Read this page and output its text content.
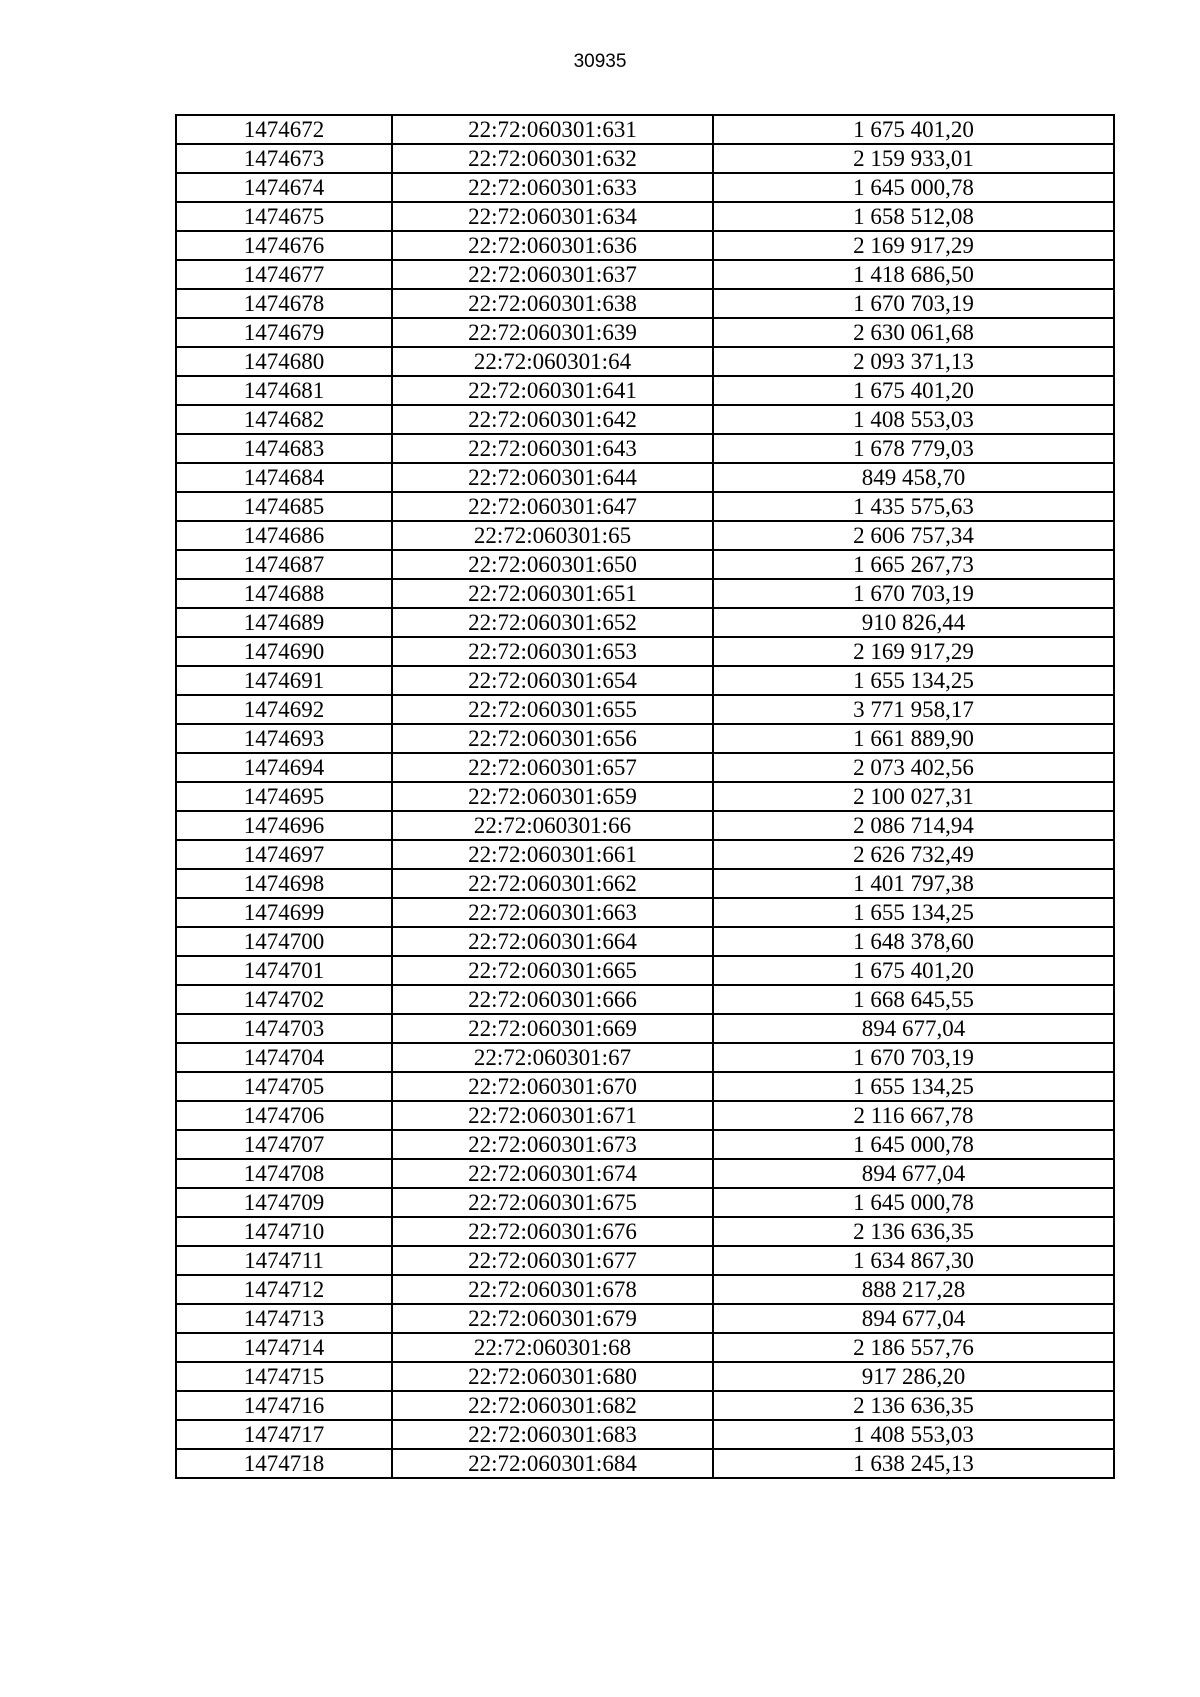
30935
1474672	22:72:060301:631	1 675 401,20
1474673	22:72:060301:632	2 159 933,01
1474674	22:72:060301:633	1 645 000,78
1474675	22:72:060301:634	1 658 512,08
1474676	22:72:060301:636	2 169 917,29
1474677	22:72:060301:637	1 418 686,50
1474678	22:72:060301:638	1 670 703,19
1474679	22:72:060301:639	2 630 061,68
1474680	22:72:060301:64	2 093 371,13
1474681	22:72:060301:641	1 675 401,20
1474682	22:72:060301:642	1 408 553,03
1474683	22:72:060301:643	1 678 779,03
1474684	22:72:060301:644	849 458,70
1474685	22:72:060301:647	1 435 575,63
1474686	22:72:060301:65	2 606 757,34
1474687	22:72:060301:650	1 665 267,73
1474688	22:72:060301:651	1 670 703,19
1474689	22:72:060301:652	910 826,44
1474690	22:72:060301:653	2 169 917,29
1474691	22:72:060301:654	1 655 134,25
1474692	22:72:060301:655	3 771 958,17
1474693	22:72:060301:656	1 661 889,90
1474694	22:72:060301:657	2 073 402,56
1474695	22:72:060301:659	2 100 027,31
1474696	22:72:060301:66	2 086 714,94
1474697	22:72:060301:661	2 626 732,49
1474698	22:72:060301:662	1 401 797,38
1474699	22:72:060301:663	1 655 134,25
1474700	22:72:060301:664	1 648 378,60
1474701	22:72:060301:665	1 675 401,20
1474702	22:72:060301:666	1 668 645,55
1474703	22:72:060301:669	894 677,04
1474704	22:72:060301:67	1 670 703,19
1474705	22:72:060301:670	1 655 134,25
1474706	22:72:060301:671	2 116 667,78
1474707	22:72:060301:673	1 645 000,78
1474708	22:72:060301:674	894 677,04
1474709	22:72:060301:675	1 645 000,78
1474710	22:72:060301:676	2 136 636,35
1474711	22:72:060301:677	1 634 867,30
1474712	22:72:060301:678	888 217,28
1474713	22:72:060301:679	894 677,04
1474714	22:72:060301:68	2 186 557,76
1474715	22:72:060301:680	917 286,20
1474716	22:72:060301:682	2 136 636,35
1474717	22:72:060301:683	1 408 553,03
1474718	22:72:060301:684	1 638 245,13
